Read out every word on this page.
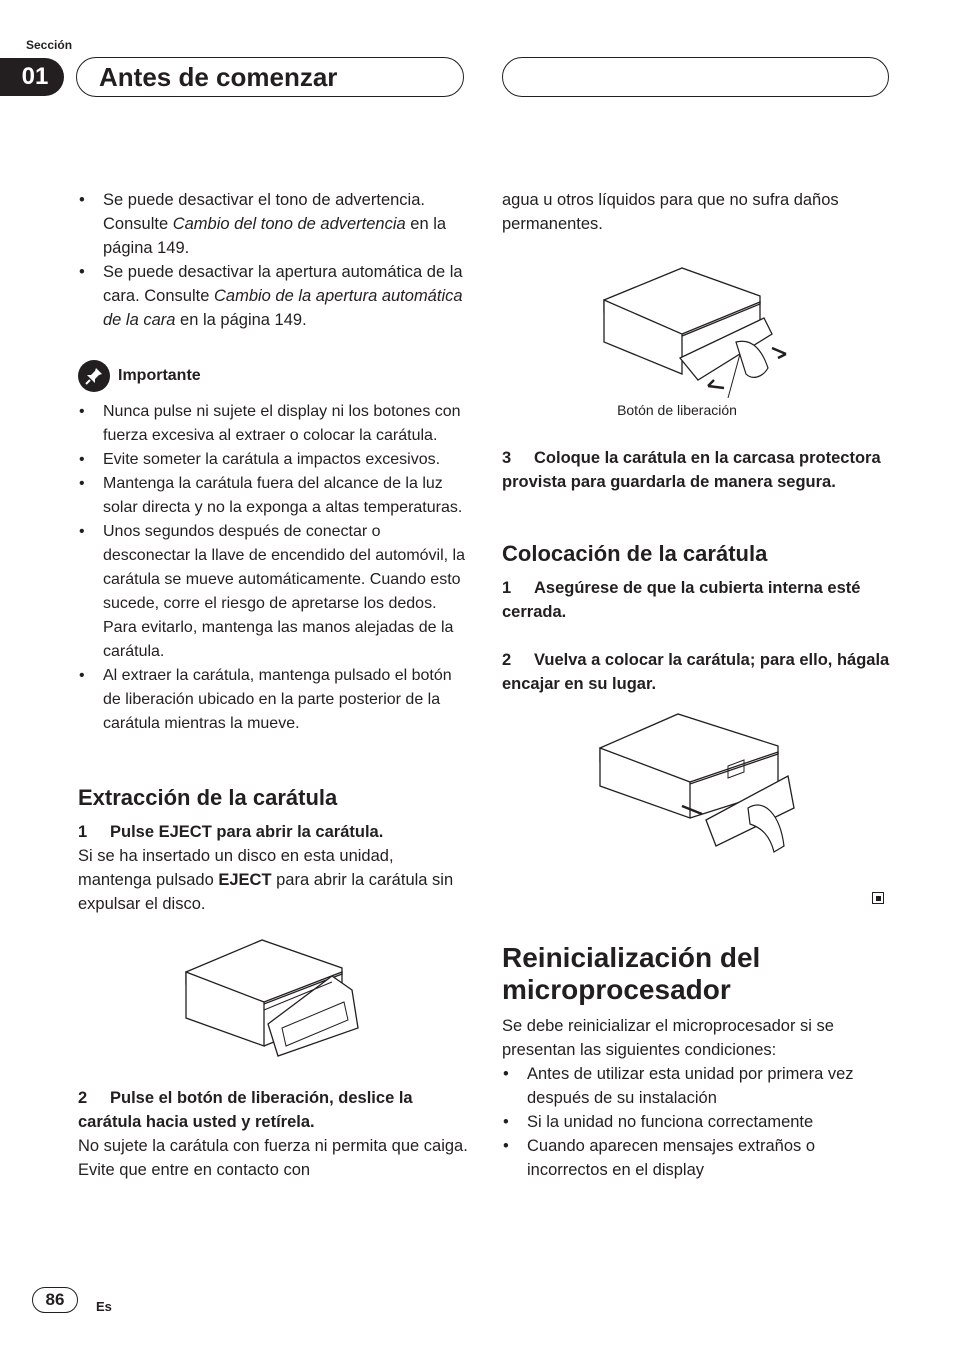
Sección
01	Antes de comenzar
• Se puede desactivar el tono de advertencia. Consulte Cambio del tono de advertencia en la página 149.
• Se puede desactivar la apertura automática de la cara. Consulte Cambio de la apertura automática de la cara en la página 149.
Importante
• Nunca pulse ni sujete el display ni los botones con fuerza excesiva al extraer o colocar la carátula.
• Evite someter la carátula a impactos excesivos.
• Mantenga la carátula fuera del alcance de la luz solar directa y no la exponga a altas temperaturas.
• Unos segundos después de conectar o desconectar la llave de encendido del automóvil, la carátula se mueve automáticamente. Cuando esto sucede, corre el riesgo de apretarse los dedos. Para evitarlo, mantenga las manos alejadas de la carátula.
• Al extraer la carátula, mantenga pulsado el botón de liberación ubicado en la parte posterior de la carátula mientras la mueve.
Extracción de la carátula

1 Pulse EJECT para abrir la carátula.

Si se ha insertado un disco en esta unidad, mantenga pulsado EJECT para abrir la carátula sin expulsar el disco.

2 Pulse el botón de liberación, deslice la carátula hacia usted y retírela.

No sujete la carátula con fuerza ni permita que caiga. Evite que entre en contacto con

agua u otros líquidos para que no sufra daños permanentes.

Botón de liberación

3 Coloque la carátula en la carcasa protectora provista para guardarla de manera segura.

Colocación de la carátula

1 Asegúrese de que la cubierta interna esté cerrada.

2 Vuelva a colocar la carátula; para ello, hágala encajar en su lugar.

Reinicialización del microprocesador

Se debe reinicializar el microprocesador si se presentan las siguientes condiciones:

• Antes de utilizar esta unidad por primera vez después de su instalación
• Si la unidad no funciona correctamente
• Cuando aparecen mensajes extraños o incorrectos en el display
86	Es
